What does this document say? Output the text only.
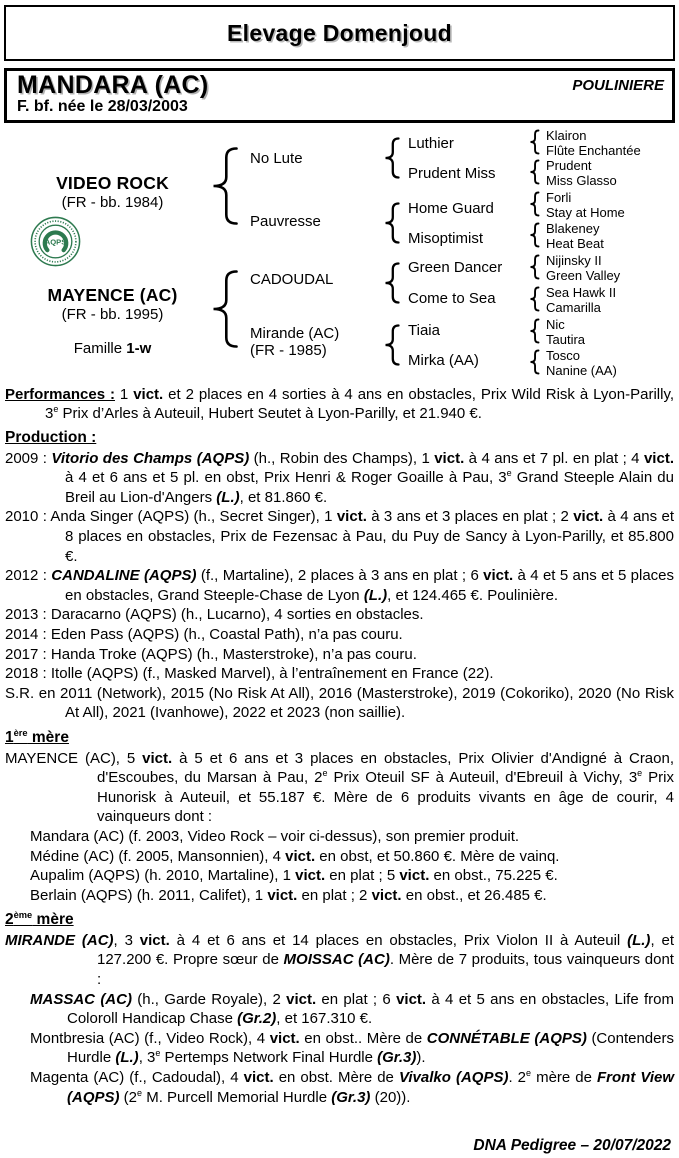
Elevage Domenjoud
MANDARA (AC)
F. bf. née le 28/03/2003
POULINIERE
VIDEO ROCK
(FR - bb. 1984)
AQPS
MAYENCE (AC)
(FR - bb. 1995)
Famille 1-w
No Lute
Pauvresse
CADOUDAL
Mirande (AC)
(FR - 1985)
Luthier
Prudent Miss
Home Guard
Misoptimist
Green Dancer
Come to Sea
Tiaia
Mirka (AA)
Klairon
Flûte Enchantée
Prudent
Miss Glasso
Forli
Stay at Home
Blakeney
Heat Beat
Nijinsky II
Green Valley
Sea Hawk II
Camarilla
Nic
Tautira
Tosco
Nanine (AA)

Performances : 1 vict. et 2 places en 4 sorties à 4 ans en obstacles, Prix Wild Risk à Lyon-Parilly, 3e Prix d’Arles à Auteuil, Hubert Seutet à Lyon-Parilly, et 21.940 €.

Production :

2009 : Vitorio des Champs (AQPS) (h., Robin des Champs), 1 vict. à 4 ans et 7 pl. en plat ; 4 vict. à 4 et 6 ans et 5 pl. en obst, Prix Henri & Roger Goaille à Pau, 3e Grand Steeple Alain du Breil au Lion-d'Angers (L.), et 81.860 €.

2010 : Anda Singer (AQPS) (h., Secret Singer), 1 vict. à 3 ans et 3 places en plat ; 2 vict. à 4 ans et 8 places en obstacles, Prix de Fezensac à Pau, du Puy de Sancy à Lyon-Parilly, et 85.800 €.

2012 : CANDALINE (AQPS) (f., Martaline), 2 places à 3 ans en plat ; 6 vict. à 4 et 5 ans et 5 places en obstacles, Grand Steeple-Chase de Lyon (L.), et 124.465 €. Poulinière.

2013 : Daracarno (AQPS) (h., Lucarno), 4 sorties en obstacles.

2014 : Eden Pass (AQPS) (h., Coastal Path), n’a pas couru.

2017 : Handa Troke (AQPS) (h., Masterstroke), n’a pas couru.

2018 : Itolle (AQPS) (f., Masked Marvel), à l’entraînement en France (22).

S.R. en 2011 (Network), 2015 (No Risk At All), 2016 (Masterstroke), 2019 (Cokoriko), 2020 (No Risk At All), 2021 (Ivanhowe), 2022 et 2023 (non saillie).

1ère mère

MAYENCE (AC), 5 vict. à 5 et 6 ans et 3 places en obstacles, Prix Olivier d'Andigné à Craon, d'Escoubes, du Marsan à Pau, 2e Prix Oteuil SF à Auteuil, d'Ebreuil à Vichy, 3e Prix Hunorisk à Auteuil, et 55.187 €. Mère de 6 produits vivants en âge de courir, 4 vainqueurs dont :

Mandara (AC) (f. 2003, Video Rock – voir ci-dessus), son premier produit.

Médine (AC) (f. 2005, Mansonnien), 4 vict. en obst, et 50.860 €. Mère de vainq.

Aupalim (AQPS) (h. 2010, Martaline), 1 vict. en plat ; 5 vict. en obst., 75.225 €.

Berlain (AQPS) (h. 2011, Califet), 1 vict. en plat ; 2 vict. en obst., et 26.485 €.

2ème mère

MIRANDE (AC), 3 vict. à 4 et 6 ans et 14 places en obstacles, Prix Violon II à Auteuil (L.), et 127.200 €. Propre sœur de MOISSAC (AC). Mère de 7 produits, tous vainqueurs dont :

MASSAC (AC) (h., Garde Royale), 2 vict. en plat ; 6 vict. à 4 et 5 ans en obstacles, Life from Coloroll Handicap Chase (Gr.2), et 167.310 €.

Montbresia (AC) (f., Video Rock), 4 vict. en obst.. Mère de CONNÉTABLE (AQPS) (Contenders Hurdle (L.), 3e Pertemps Network Final Hurdle (Gr.3)).

Magenta (AC) (f., Cadoudal), 4 vict. en obst. Mère de Vivalko (AQPS). 2e mère de Front View (AQPS) (2e M. Purcell Memorial Hurdle (Gr.3) (20)).

DNA Pedigree – 20/07/2022
